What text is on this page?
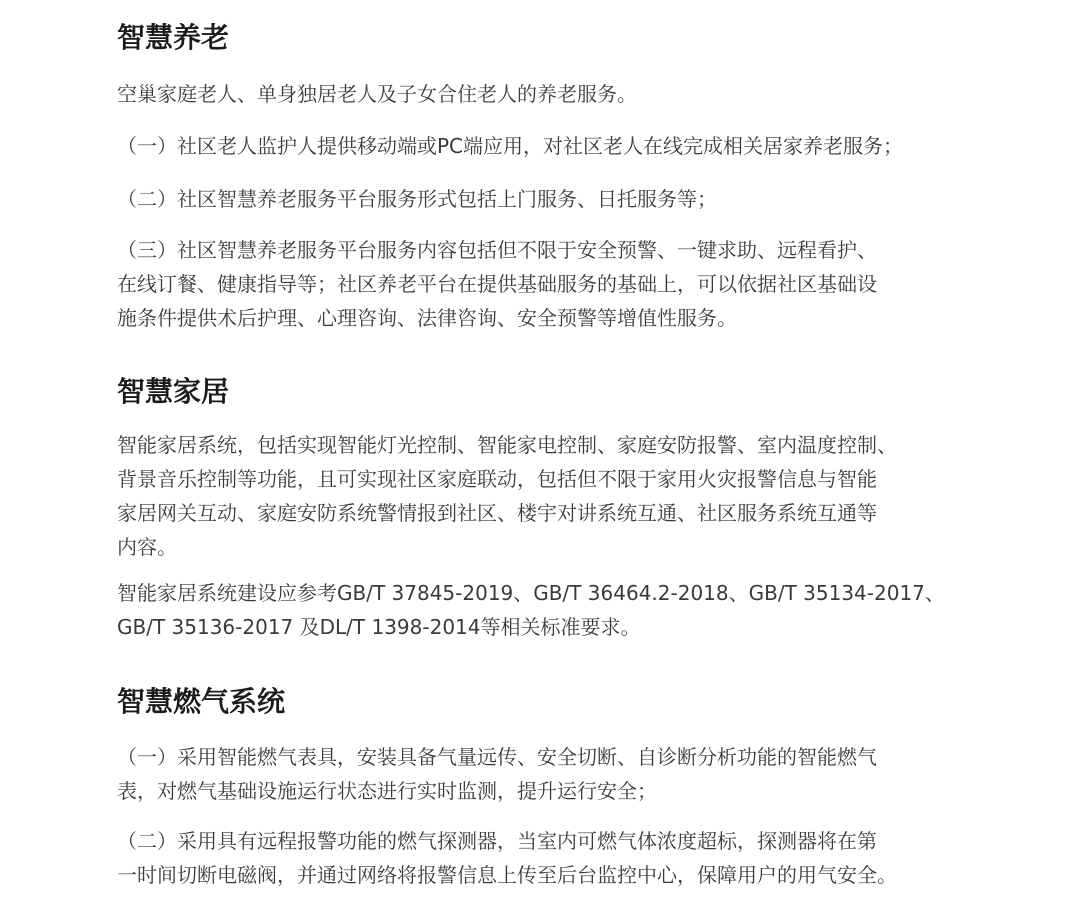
智慧养老
空巢家庭老人、单身独居老人及子女合住老人的养老服务。
（一）社区老人监护人提供移动端或PC端应用，对社区老人在线完成相关居家养老服务；
（二）社区智慧养老服务平台服务形式包括上门服务、日托服务等；
（三）社区智慧养老服务平台服务内容包括但不限于安全预警、一键求助、远程看护、
在线订餐、健康指导等；社区养老平台在提供基础服务的基础上，可以依据社区基础设
施条件提供术后护理、心理咨询、法律咨询、安全预警等增值性服务。
智慧家居
智能家居系统，包括实现智能灯光控制、智能家电控制、家庭安防报警、室内温度控制、
背景音乐控制等功能，且可实现社区家庭联动，包括但不限于家用火灾报警信息与智能
家居网关互动、家庭安防系统警情报到社区、楼宇对讲系统互通、社区服务系统互通等
内容。
智能家居系统建设应参考GB/T 37845-2019、GB/T 36464.2-2018、GB/T 35134-2017、
GB/T 35136-2017 及DL/T 1398-2014等相关标准要求。
智慧燃气系统
（一）采用智能燃气表具，安装具备气量远传、安全切断、自诊断分析功能的智能燃气
表，对燃气基础设施运行状态进行实时监测，提升运行安全；
（二）采用具有远程报警功能的燃气探测器，当室内可燃气体浓度超标，探测器将在第
一时间切断电磁阀，并通过网络将报警信息上传至后台监控中心，保障用户的用气安全。
